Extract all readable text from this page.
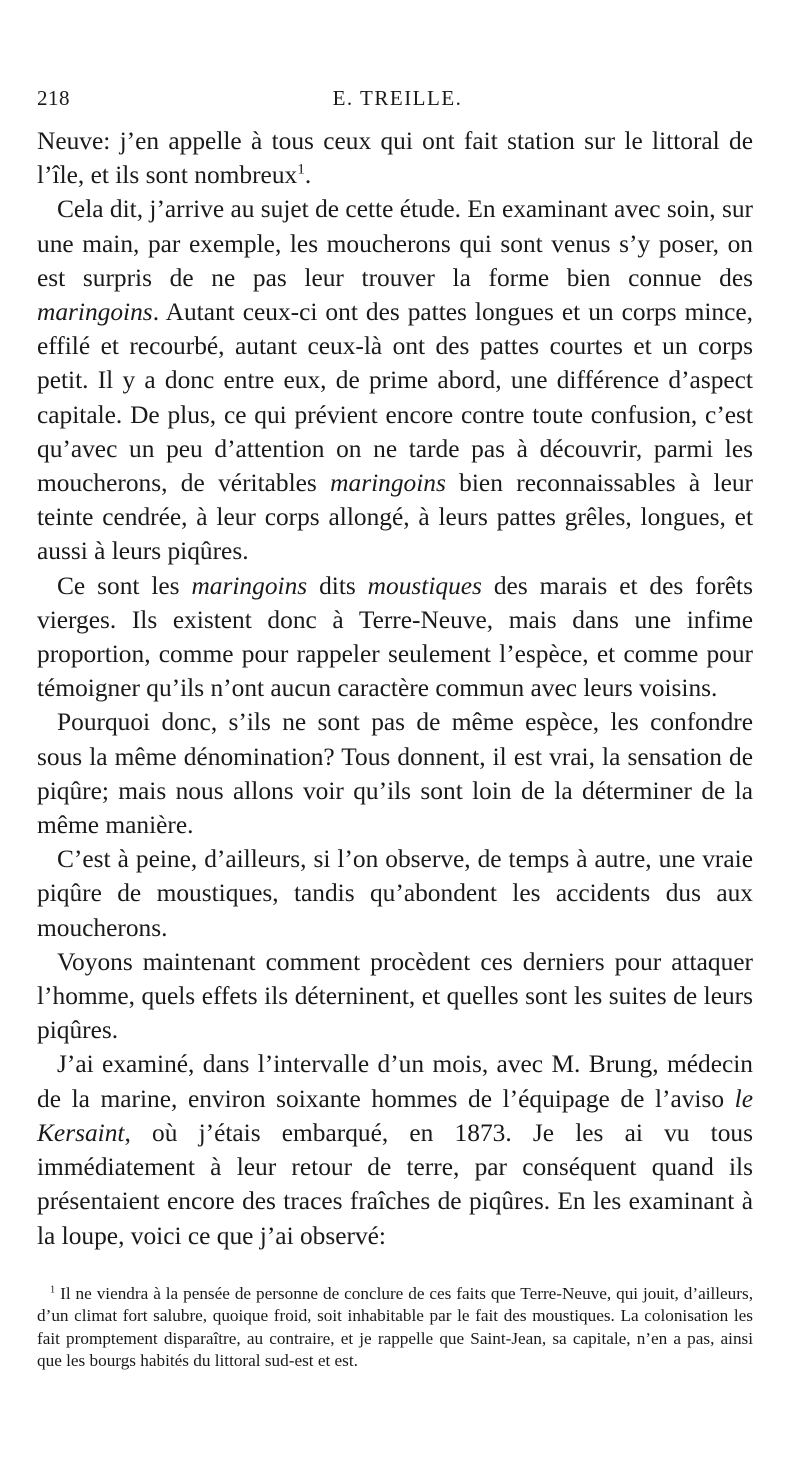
218	E. TREILLE.

Neuve: j’en appelle à tous ceux qui ont fait station sur le littoral de l’île, et ils sont nombreux$^1$.

Cela dit, j’arrive au sujet de cette étude. En examinant avec soin, sur une main, par exemple, les moucherons qui sont venus s’y poser, on est surpris de ne pas leur trouver la forme bien connue des maringoins. Autant ceux-ci ont des pattes longues et un corps mince, effilé et recourbé, autant ceux-là ont des pattes courtes et un corps petit. Il y a donc entre eux, de prime abord, une différence d’aspect capitale. De plus, ce qui prévient encore contre toute confusion, c’est qu’avec un peu d’attention on ne tarde pas à découvrir, parmi les moucherons, de véritables maringoins bien reconnaissables à leur teinte cendrée, à leur corps allongé, à leurs pattes grêles, longues, et aussi à leurs piqûres.

Ce sont les maringoins dits moustiques des marais et des forêts vierges. Ils existent donc à Terre-Neuve, mais dans une infime proportion, comme pour rappeler seulement l’espèce, et comme pour témoigner qu’ils n’ont aucun caractère commun avec leurs voisins.

Pourquoi donc, s’ils ne sont pas de même espèce, les confondre sous la même dénomination? Tous donnent, il est vrai, la sensation de piqûre; mais nous allons voir qu’ils sont loin de la déterminer de la même manière.

C’est à peine, d’ailleurs, si l’on observe, de temps à autre, une vraie piqûre de moustiques, tandis qu’abondent les accidents dus aux moucherons.

Voyons maintenant comment procèdent ces derniers pour attaquer l’homme, quels effets ils déterninent, et quelles sont les suites de leurs piqûres.

J’ai examiné, dans l’intervalle d’un mois, avec M. Brung, médecin de la marine, environ soixante hommes de l’équipage de l’aviso le Kersaint, où j’étais embarqué, en 1873. Je les ai vu tous immédiatement à leur retour de terre, par conséquent quand ils présentaient encore des traces fraîches de piqûres. En les examinant à la loupe, voici ce que j’ai observé:

$^1$ Il ne viendra à la pensée de personne de conclure de ces faits que Terre-Neuve, qui jouit, d’ailleurs, d’un climat fort salubre, quoique froid, soit inhabitable par le fait des moustiques. La colonisation les fait promptement disparaître, au contraire, et je rappelle que Saint-Jean, sa capitale, n’en a pas, ainsi que les bourgs habités du littoral sud-est et est.
